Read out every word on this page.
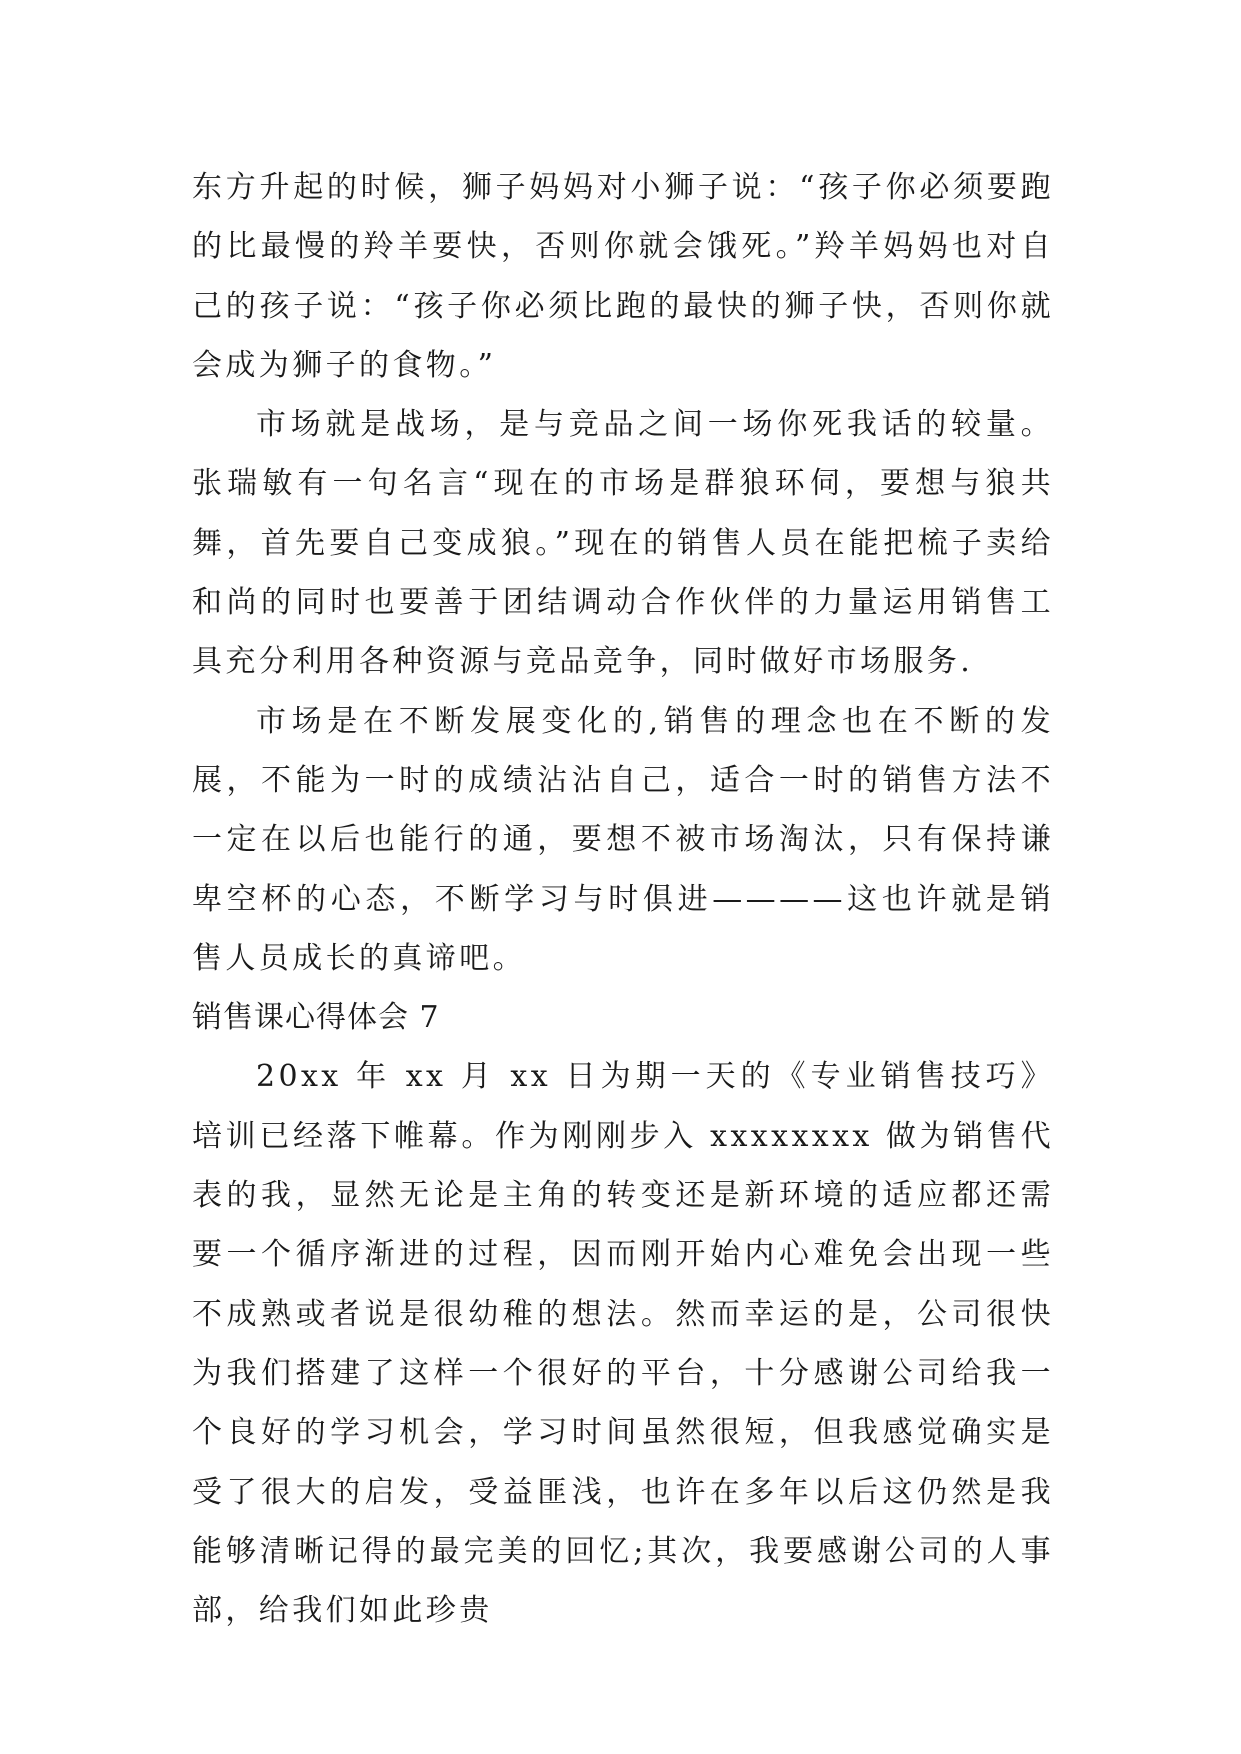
东方升起的时候，狮子妈妈对小狮子说：“孩子你必须要跑的比最慢的羚羊要快，否则你就会饿死。”羚羊妈妈也对自己的孩子说：“孩子你必须比跑的最快的狮子快，否则你就会成为狮子的食物。”

市场就是战场，是与竞品之间一场你死我话的较量。张瑞敏有一句名言“现在的市场是群狼环伺，要想与狼共舞，首先要自己变成狼。”现在的销售人员在能把梳子卖给和尚的同时也要善于团结调动合作伙伴的力量运用销售工具充分利用各种资源与竞品竞争，同时做好市场服务.

市场是在不断发展变化的,销售的理念也在不断的发展，不能为一时的成绩沾沾自己，适合一时的销售方法不一定在以后也能行的通，要想不被市场淘汰，只有保持谦卑空杯的心态，不断学习与时俱进————这也许就是销售人员成长的真谛吧。

销售课心得体会 7

20xx 年 xx 月 xx 日为期一天的《专业销售技巧》培训已经落下帷幕。作为刚刚步入 xxxxxxxx 做为销售代表的我，显然无论是主角的转变还是新环境的适应都还需要一个循序渐进的过程，因而刚开始内心难免会出现一些不成熟或者说是很幼稚的想法。然而幸运的是，公司很快为我们搭建了这样一个很好的平台，十分感谢公司给我一个良好的学习机会，学习时间虽然很短，但我感觉确实是受了很大的启发，受益匪浅，也许在多年以后这仍然是我能够清晰记得的最完美的回忆;其次，我要感谢公司的人事部，给我们如此珍贵
